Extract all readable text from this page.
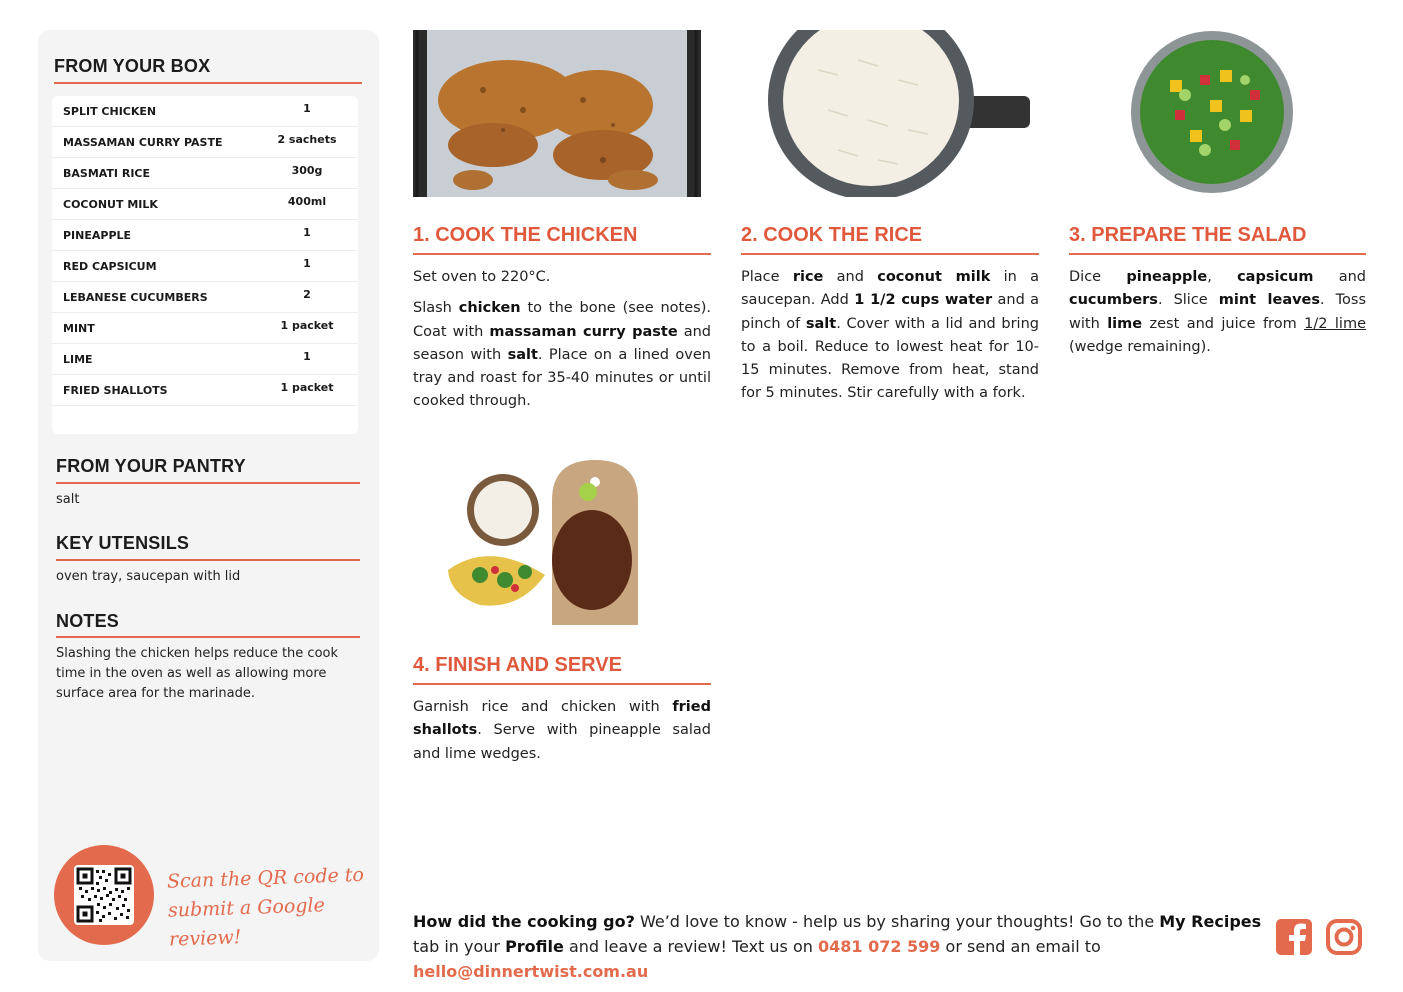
FROM YOUR BOX
SPLIT CHICKEN	1
MASSAMAN CURRY PASTE	2 sachets
BASMATI RICE	300g
COCONUT MILK	400ml
PINEAPPLE	1
RED CAPSICUM	1
LEBANESE CUCUMBERS	2
MINT	1 packet
LIME	1
FRIED SHALLOTS	1 packet
FROM YOUR PANTRY
salt
KEY UTENSILS
oven tray, saucepan with lid
NOTES
Slashing the chicken helps reduce the cook time in the oven as well as allowing more surface area for the marinade.
Scan the QR code to
submit a Google review!
1. COOK THE CHICKEN

Set oven to 220°C.

Slash chicken to the bone (see notes). Coat with massaman curry paste and season with salt. Place on a lined oven tray and roast for 35-40 minutes or until cooked through.

2. COOK THE RICE

Place rice and coconut milk in a saucepan. Add 1 1/2 cups water and a pinch of salt. Cover with a lid and bring to a boil. Reduce to lowest heat for 10-15 minutes. Remove from heat, stand for 5 minutes. Stir carefully with a fork.

3. PREPARE THE SALAD

Dice pineapple, capsicum and cucumbers. Slice mint leaves. Toss with lime zest and juice from 1/2 lime (wedge remaining).

4. FINISH AND SERVE

Garnish rice and chicken with fried shallots. Serve with pineapple salad and lime wedges.

How did the cooking go? We’d love to know - help us by sharing your thoughts! Go to the My Recipes tab in your Profile and leave a review! Text us on 0481 072 599 or send an email to hello@dinnertwist.com.au
